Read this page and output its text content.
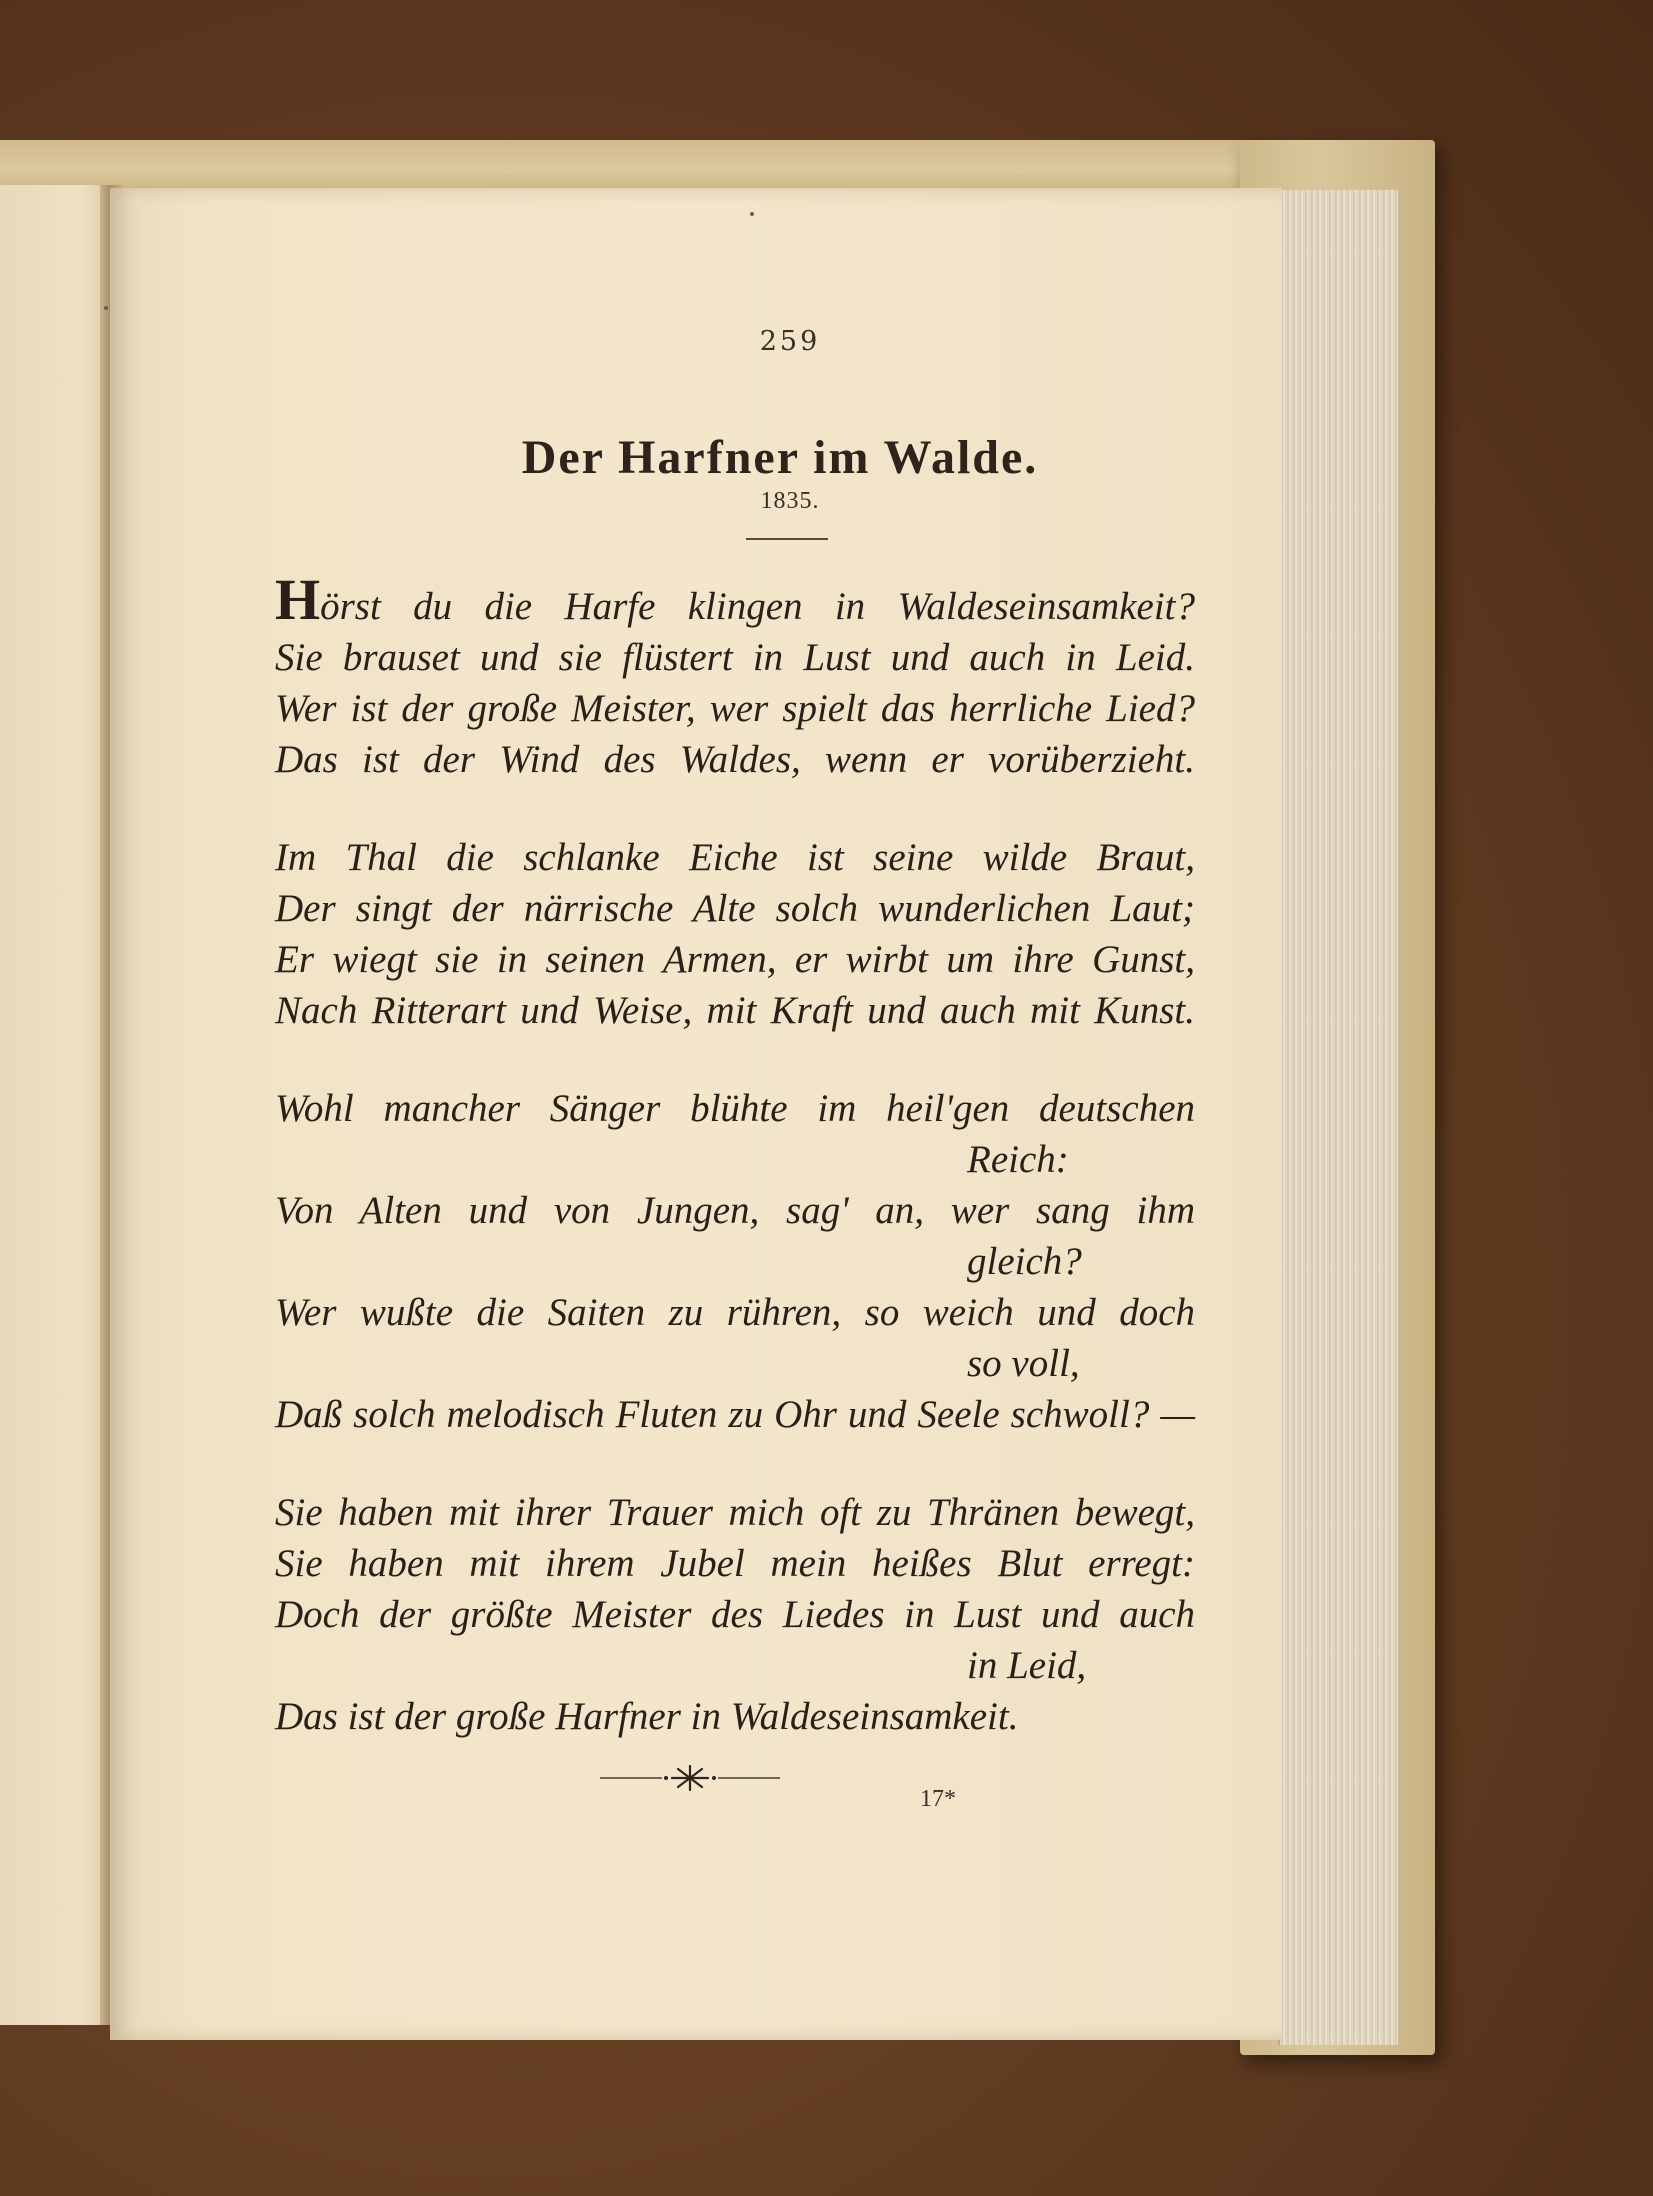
259
Der Harfner im Walde.
1835.
Hörst du die Harfe klingen in Waldeseinsamkeit?
Sie brauset und sie flüstert in Lust und auch in Leid.
Wer ist der große Meister, wer spielt das herrliche Lied?
Das ist der Wind des Waldes, wenn er vorüberzieht.
Im Thal die schlanke Eiche ist seine wilde Braut,
Der singt der närrische Alte solch wunderlichen Laut;
Er wiegt sie in seinen Armen, er wirbt um ihre Gunst,
Nach Ritterart und Weise, mit Kraft und auch mit Kunst.
Wohl mancher Sänger blühte im heil'gen deutschen
Reich:
Von Alten und von Jungen, sag' an, wer sang ihm
gleich?
Wer wußte die Saiten zu rühren, so weich und doch
so voll,
Daß solch melodisch Fluten zu Ohr und Seele schwoll? —
Sie haben mit ihrer Trauer mich oft zu Thränen bewegt,
Sie haben mit ihrem Jubel mein heißes Blut erregt:
Doch der größte Meister des Liedes in Lust und auch
in Leid,
Das ist der große Harfner in Waldeseinsamkeit.
17*
